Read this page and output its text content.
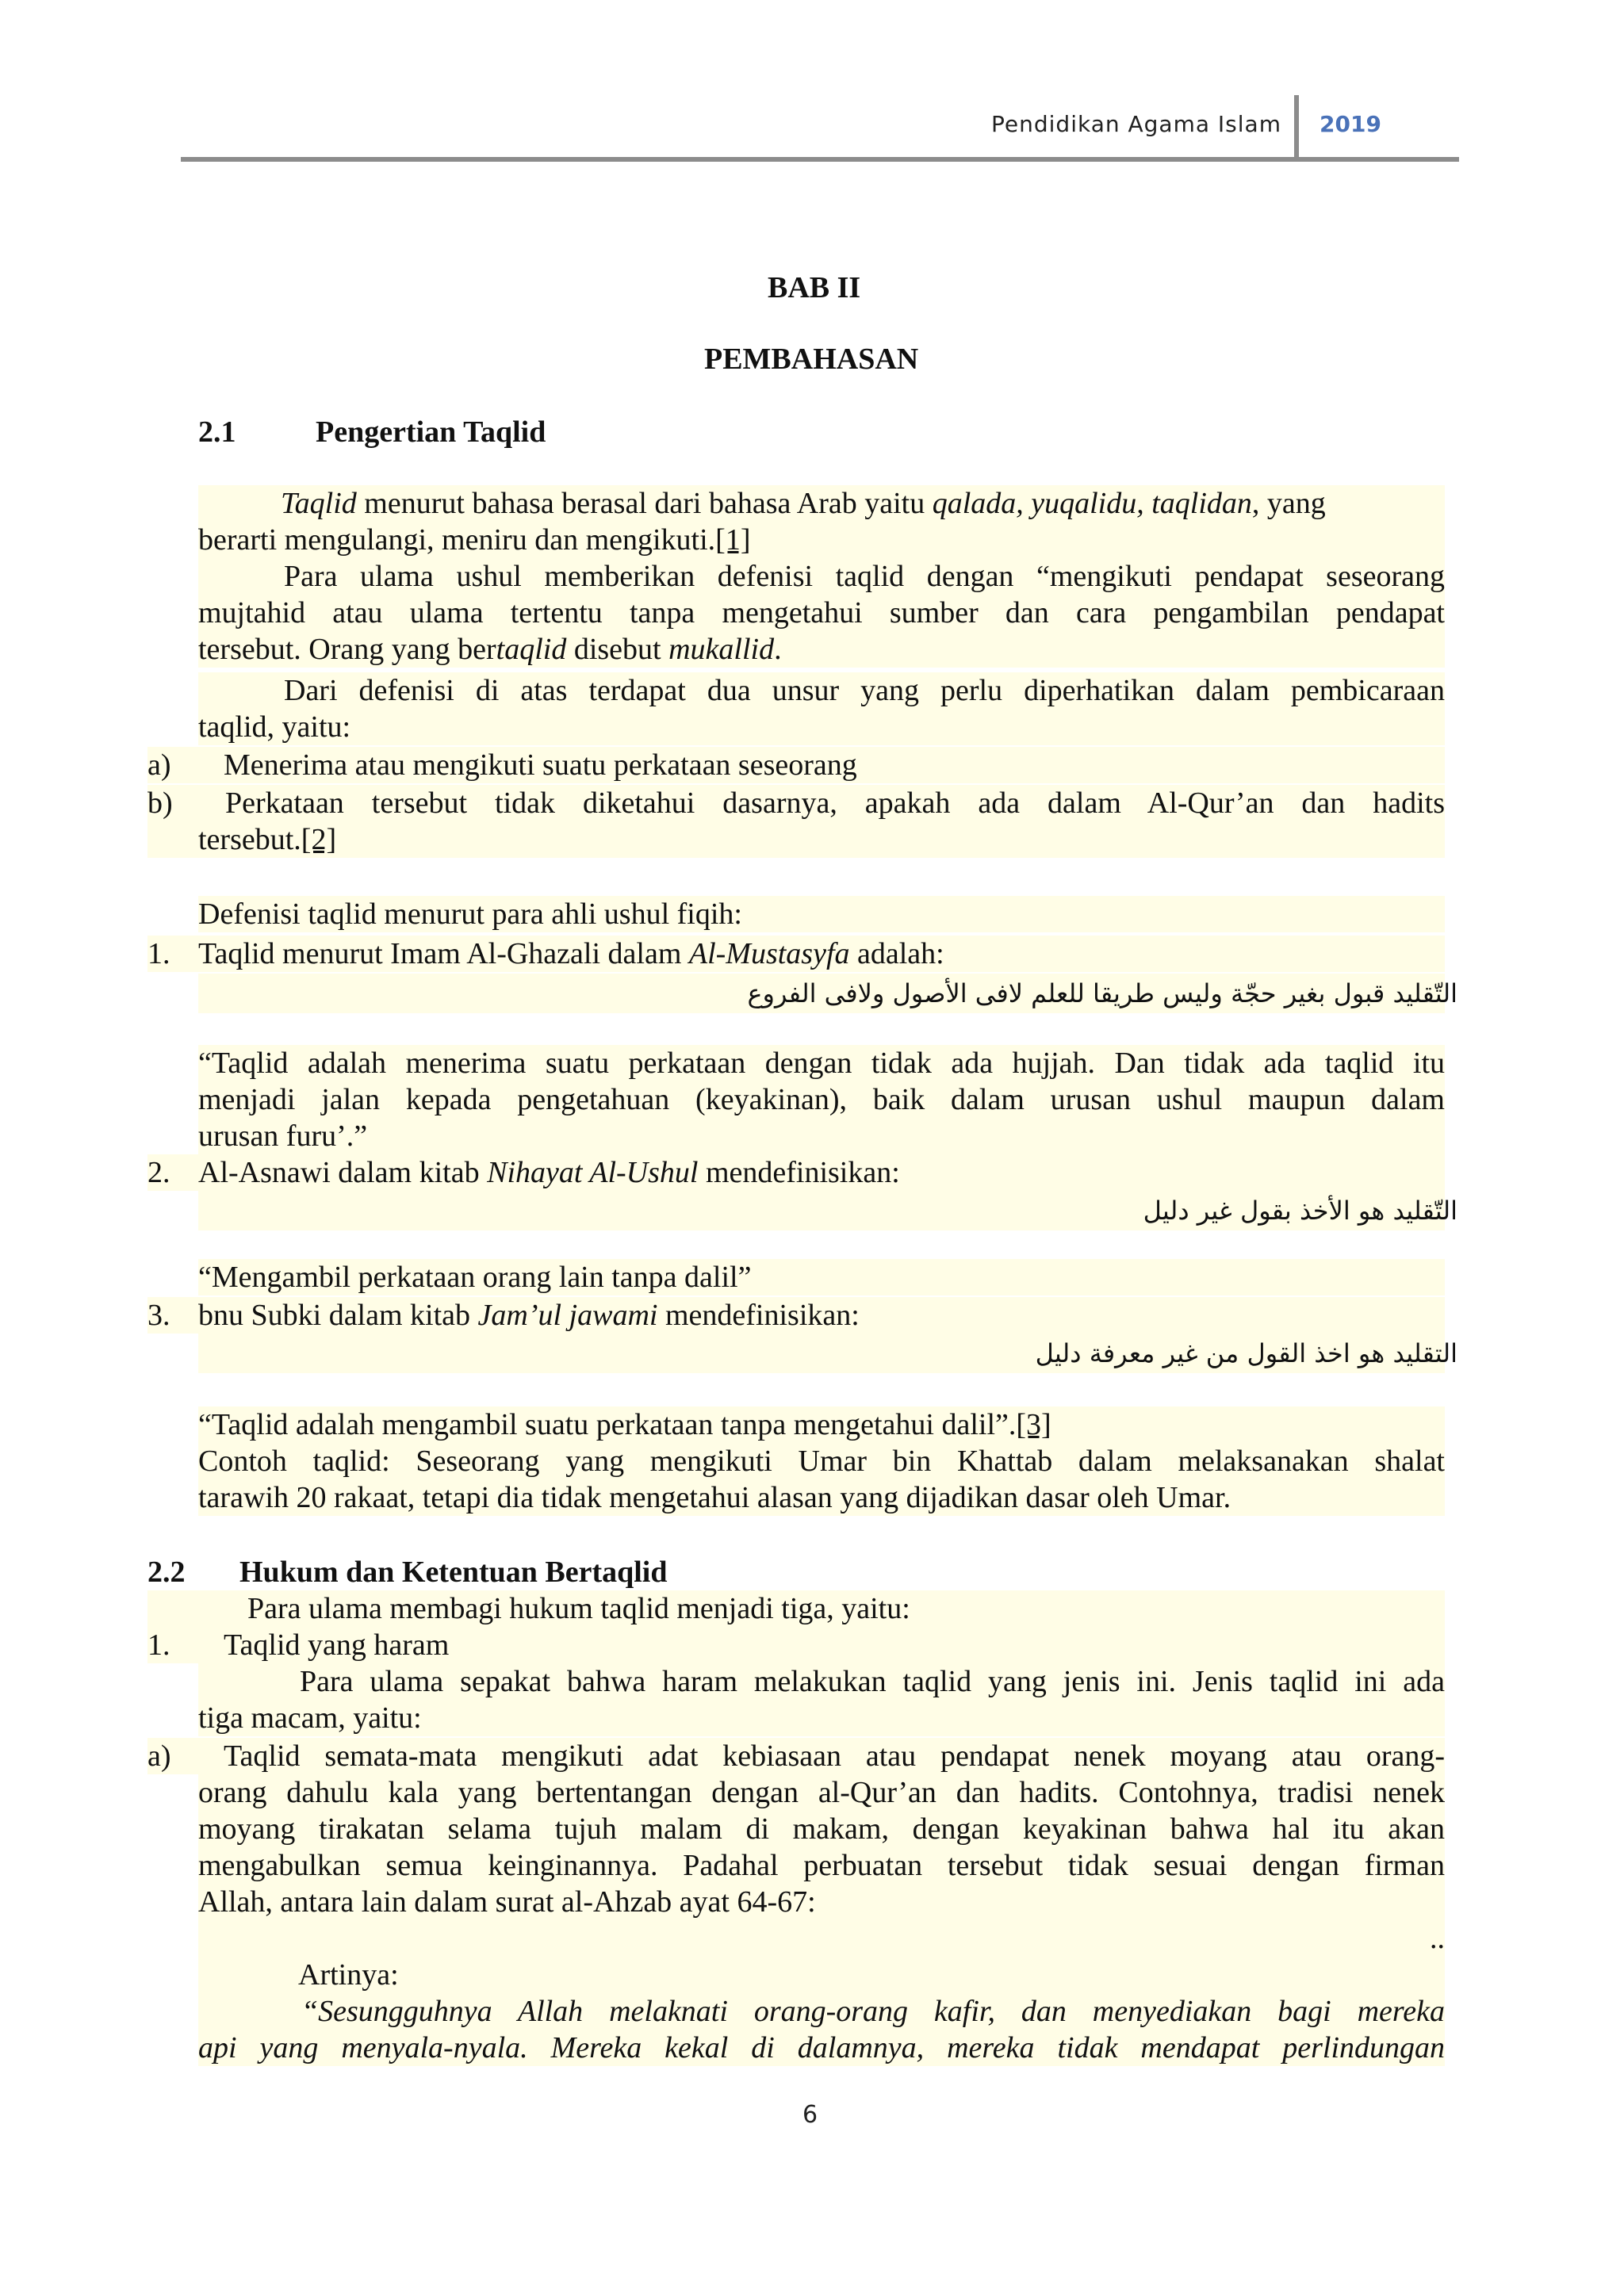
Pendidikan Agama Islam 2019
BAB II
PEMBAHASAN
2.1	Pengertian Taqlid
Taqlid menurut bahasa berasal dari bahasa Arab yaitu qalada, yuqalidu, taqlidan, yang
berarti mengulangi, meniru dan mengikuti.[1]
Para ulama ushul memberikan defenisi taqlid dengan “mengikuti pendapat seseorang
mujtahid atau ulama tertentu tanpa mengetahui sumber dan cara pengambilan pendapat
tersebut. Orang yang bertaqlid disebut mukallid.
Dari defenisi di atas terdapat dua unsur yang perlu diperhatikan dalam pembicaraan
taqlid, yaitu:
a)	Menerima atau mengikuti suatu perkataan seseorang
b)	Perkataan tersebut tidak diketahui dasarnya, apakah ada dalam Al-Qur’an dan hadits
tersebut.[2]
Defenisi taqlid menurut para ahli ushul fiqih:
1. Taqlid menurut Imam Al-Ghazali dalam Al-Mustasyfa adalah:
التّقليد قبول بغير حجّة وليس طريقا للعلم لافى الأصول ولافى الفروع
“Taqlid adalah menerima suatu perkataan dengan tidak ada hujjah. Dan tidak ada taqlid itu
menjadi jalan kepada pengetahuan (keyakinan), baik dalam urusan ushul maupun dalam
urusan furu’.”
2. Al-Asnawi dalam kitab Nihayat Al-Ushul mendefinisikan:
التّقليد هو الأخذ بقول غير دليل
“Mengambil perkataan orang lain tanpa dalil”
3. bnu Subki dalam kitab Jam’ul jawami mendefinisikan:
التقليد هو اخذ القول من غير معرفة دليل
“Taqlid adalah mengambil suatu perkataan tanpa mengetahui dalil”.[3]
Contoh taqlid: Seseorang yang mengikuti Umar bin Khattab dalam melaksanakan shalat
tarawih 20 rakaat, tetapi dia tidak mengetahui alasan yang dijadikan dasar oleh Umar.
2.2 Hukum dan Ketentuan Bertaqlid
Para ulama membagi hukum taqlid menjadi tiga, yaitu:
1.	Taqlid yang haram
Para ulama sepakat bahwa haram melakukan taqlid yang jenis ini. Jenis taqlid ini ada
tiga macam, yaitu:
a)	Taqlid semata-mata mengikuti adat kebiasaan atau pendapat nenek moyang atau orang-
orang dahulu kala yang bertentangan dengan al-Qur’an dan hadits. Contohnya, tradisi nenek
moyang tirakatan selama tujuh malam di makam, dengan keyakinan bahwa hal itu akan
mengabulkan semua keinginannya. Padahal perbuatan tersebut tidak sesuai dengan firman
Allah, antara lain dalam surat al-Ahzab ayat 64-67:
..
Artinya:
“Sesungguhnya Allah melaknati orang-orang kafir, dan menyediakan bagi mereka
api yang menyala-nyala. Mereka kekal di dalamnya, mereka tidak mendapat perlindungan
6
